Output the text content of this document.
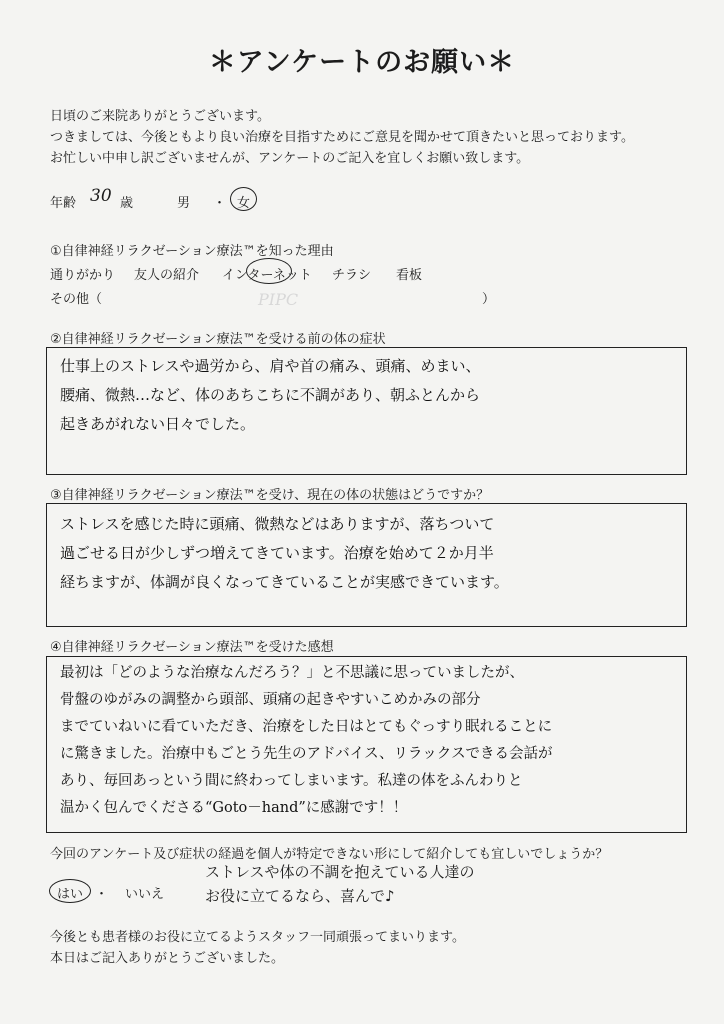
＊アンケートのお願い＊
日頃のご来院ありがとうございます。
つきましては、今後ともより良い治療を目指すためにご意見を聞かせて頂きたいと思っております。
お忙しい中申し訳ございませんが、アンケートのご記入を宜しくお願い致します。
年齢 30 歳	男 ・ 女
①自律神経リラクゼーション療法™を知った理由
通りがかり 友人の紹介 インターネット チラシ 看板
その他（	）
PIPC
②自律神経リラクゼーション療法™を受ける前の体の症状
仕事上のストレスや過労から、肩や首の痛み、頭痛、めまい、
腰痛、微熱…など、体のあちこちに不調があり、朝ふとんから
起きあがれない日々でした。
③自律神経リラクゼーション療法™を受け、現在の体の状態はどうですか？
ストレスを感じた時に頭痛、微熱などはありますが、落ちついて
過ごせる日が少しずつ増えてきています。治療を始めて２か月半
経ちますが、体調が良くなってきていることが実感できています。
④自律神経リラクゼーション療法™を受けた感想
最初は「どのような治療なんだろう？」と不思議に思っていましたが、
骨盤のゆがみの調整から頭部、頭痛の起きやすいこめかみの部分
までていねいに看ていただき、治療をした日はとてもぐっすり眠れることに
に驚きました。治療中もごとう先生のアドバイス、リラックスできる会話が
あり、毎回あっという間に終わってしまいます。私達の体をふんわりと
温かく包んでくださる“Goto－hand”に感謝です！！
今回のアンケート及び症状の経過を個人が特定できない形にして紹介しても宜しいでしょうか？
はい ・ いいえ
ストレスや体の不調を抱えている人達の
お役に立てるなら、喜んで♪
今後とも患者様のお役に立てるようスタッフ一同頑張ってまいります。
本日はご記入ありがとうございました。
